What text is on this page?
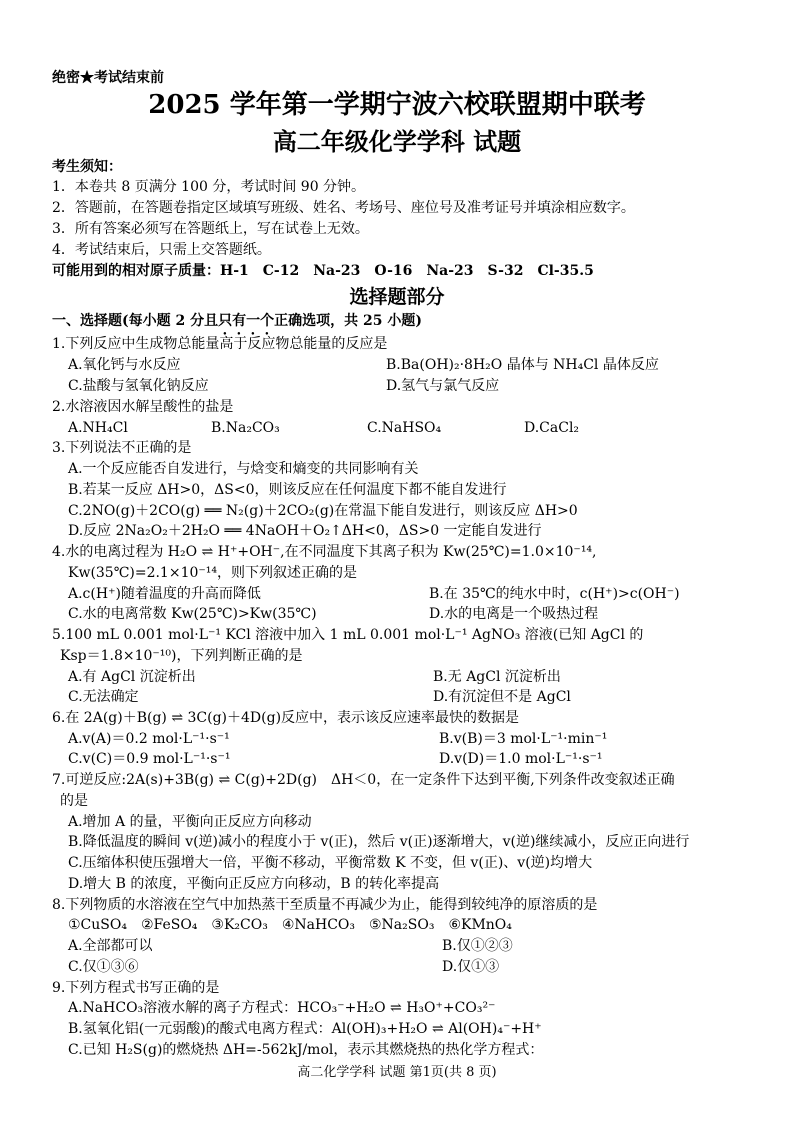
绝密★考试结束前
2025 学年第一学期宁波六校联盟期中联考
高二年级化学学科 试题
考生须知：
1．本卷共 8 页满分 100 分，考试时间 90 分钟。
2．答题前，在答题卷指定区域填写班级、姓名、考场号、座位号及准考证号并填涂相应数字。
3．所有答案必须写在答题纸上，写在试卷上无效。
4．考试结束后，只需上交答题纸。
可能用到的相对原子质量：H-1　C-12　Na-23　O-16　Na-23　S-32　Cl-35.5
选择题部分
一、选择题(每小题 2 分且只有一个正确选项，共 25 小题)
1.下列反应中生成物总能量高于反应物总能量的反应是
A.氧化钙与水反应	B.Ba(OH)₂·8H₂O 晶体与 NH₄Cl 晶体反应
C.盐酸与氢氧化钠反应	D.氢气与氯气反应
2.水溶液因水解呈酸性的盐是
A.NH₄Cl	B.Na₂CO₃	C.NaHSO₄	D.CaCl₂
3.下列说法不正确的是
A.一个反应能否自发进行，与焓变和熵变的共同影响有关
B.若某一反应 ΔH>0，ΔS<0，则该反应在任何温度下都不能自发进行
C.2NO(g)＋2CO(g) ══ N₂(g)＋2CO₂(g)在常温下能自发进行，则该反应 ΔH>0
D.反应 2Na₂O₂＋2H₂O ══ 4NaOH＋O₂↑ΔH<0，ΔS>0 一定能自发进行
4.水的电离过程为 H₂O ⇌ H⁺+OH⁻,在不同温度下其离子积为 Kw(25℃)=1.0×10⁻¹⁴,
Kw(35℃)=2.1×10⁻¹⁴，则下列叙述正确的是
A.c(H⁺)随着温度的升高而降低	B.在 35℃的纯水中时，c(H⁺)>c(OH⁻)
C.水的电离常数 Kw(25℃)>Kw(35℃)	D.水的电离是一个吸热过程
5.100 mL 0.001 mol·L⁻¹ KCl 溶液中加入 1 mL 0.001 mol·L⁻¹ AgNO₃ 溶液(已知 AgCl 的
Ksp＝1.8×10⁻¹⁰)，下列判断正确的是
A.有 AgCl 沉淀析出	B.无 AgCl 沉淀析出
C.无法确定	D.有沉淀但不是 AgCl
6.在 2A(g)＋B(g) ⇌ 3C(g)＋4D(g)反应中，表示该反应速率最快的数据是
A.v(A)＝0.2 mol·L⁻¹·s⁻¹	B.v(B)＝3 mol·L⁻¹·min⁻¹
C.v(C)＝0.9 mol·L⁻¹·s⁻¹	D.v(D)＝1.0 mol·L⁻¹·s⁻¹
7.可逆反应:2A(s)+3B(g) ⇌ C(g)+2D(g)　ΔH＜0，在一定条件下达到平衡,下列条件改变叙述正确
的是
A.增加 A 的量，平衡向正反应方向移动
B.降低温度的瞬间 v(逆)减小的程度小于 v(正)，然后 v(正)逐渐增大，v(逆)继续减小，反应正向进行
C.压缩体积使压强增大一倍，平衡不移动，平衡常数 K 不变，但 v(正)、v(逆)均增大
D.增大 B 的浓度，平衡向正反应方向移动，B 的转化率提高
8.下列物质的水溶液在空气中加热蒸干至质量不再减少为止，能得到较纯净的原溶质的是
①CuSO₄　②FeSO₄　③K₂CO₃　④NaHCO₃　⑤Na₂SO₃　⑥KMnO₄
A.全部都可以	B.仅①②③
C.仅①③⑥	D.仅①③
9.下列方程式书写正确的是
A.NaHCO₃溶液水解的离子方程式：HCO₃⁻+H₂O ⇌ H₃O⁺+CO₃²⁻
B.氢氧化铝(一元弱酸)的酸式电离方程式：Al(OH)₃+H₂O ⇌ Al(OH)₄⁻+H⁺
C.已知 H₂S(g)的燃烧热 ΔH=-562kJ/mol，表示其燃烧热的热化学方程式：
高二化学学科 试题 第1页(共 8 页)
